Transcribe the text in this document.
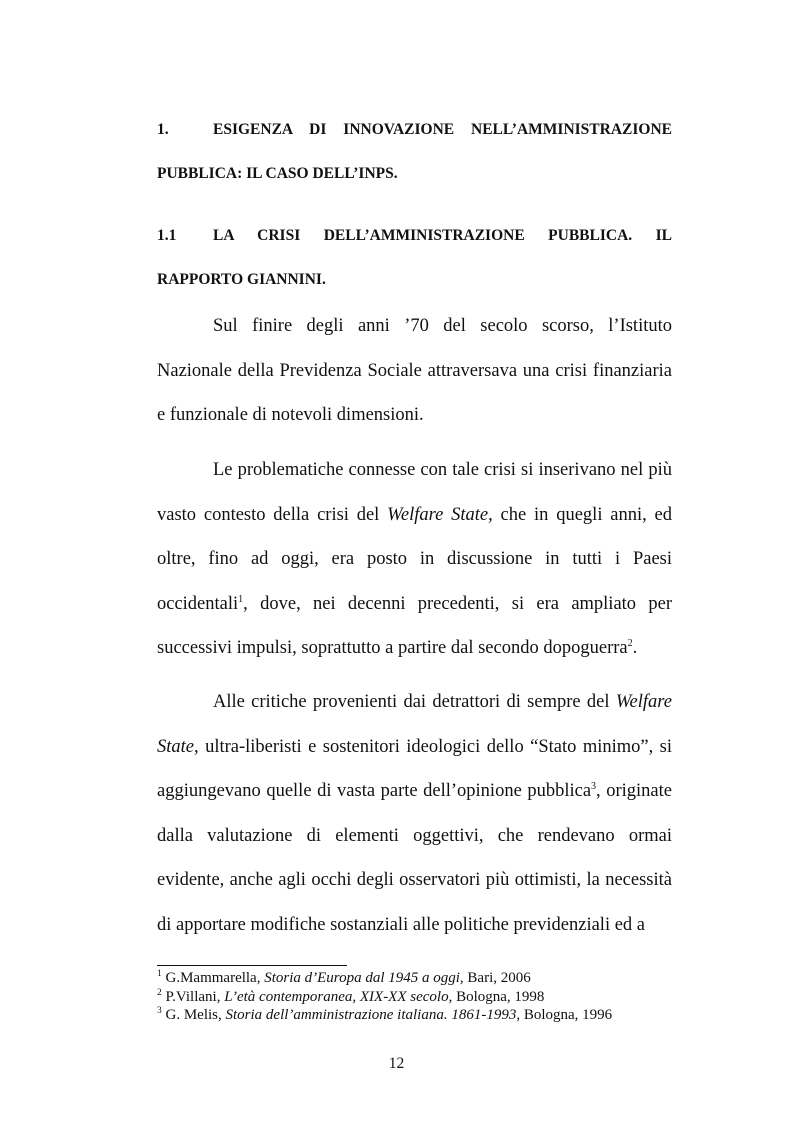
1.	ESIGENZA DI INNOVAZIONE NELL’AMMINISTRAZIONE PUBBLICA: IL CASO DELL’INPS.

1.1 LA CRISI DELL’AMMINISTRAZIONE PUBBLICA. IL RAPPORTO GIANNINI.

Sul finire degli anni ’70 del secolo scorso, l’Istituto Nazionale della Previdenza Sociale attraversava una crisi finanziaria e funzionale di notevoli dimensioni.

Le problematiche connesse con tale crisi si inserivano nel più vasto contesto della crisi del Welfare State, che in quegli anni, ed oltre, fino ad oggi, era posto in discussione in tutti i Paesi occidentali$^1$, dove, nei decenni precedenti, si era ampliato per successivi impulsi, soprattutto a partire dal secondo dopoguerra$^2$.

Alle critiche provenienti dai detrattori di sempre del Welfare State, ultra-liberisti e sostenitori ideologici dello “Stato minimo”, si aggiungevano quelle di vasta parte dell’opinione pubblica$^3$, originate dalla valutazione di elementi oggettivi, che rendevano ormai evidente, anche agli occhi degli osservatori più ottimisti, la necessità di apportare modifiche sostanziali alle politiche previdenziali ed a

$^1$ G.Mammarella, Storia d’Europa dal 1945 a oggi, Bari, 2006
$^2$ P.Villani, L’età contemporanea, XIX-XX secolo, Bologna, 1998
$^3$ G. Melis, Storia dell’amministrazione italiana. 1861-1993, Bologna, 1996
12
